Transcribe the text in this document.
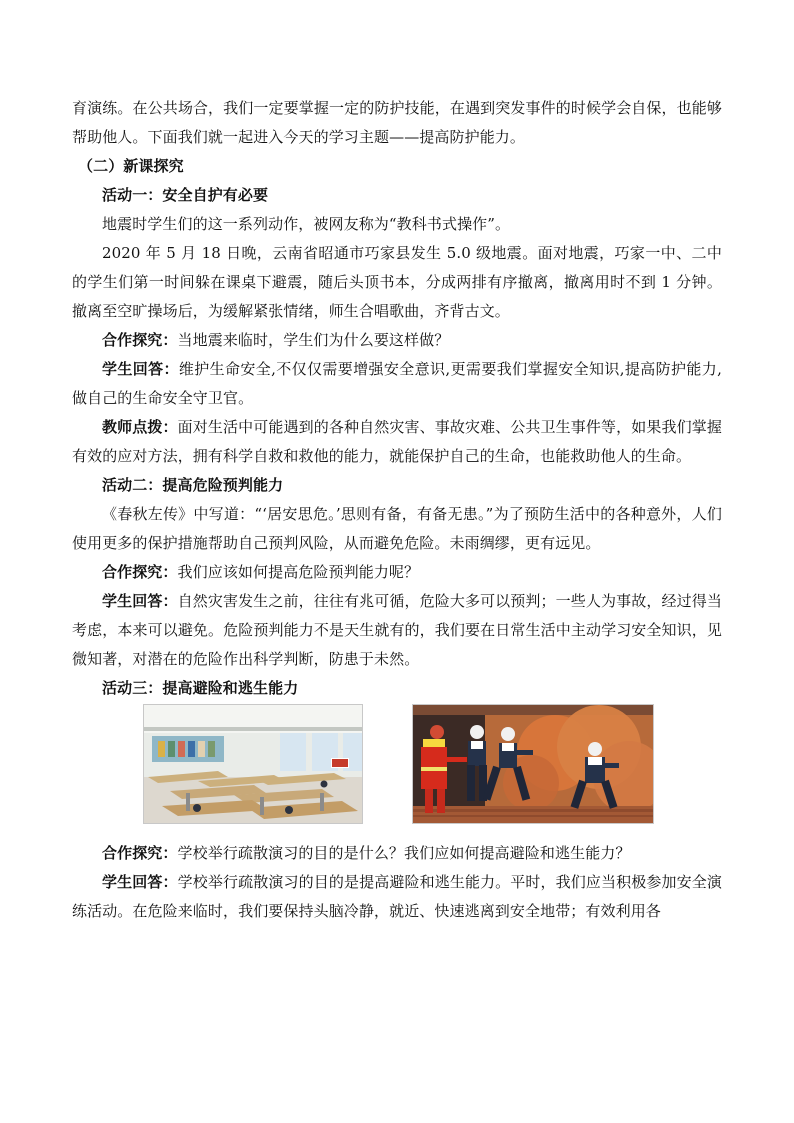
育演练。在公共场合，我们一定要掌握一定的防护技能，在遇到突发事件的时候学会自保，也能够帮助他人。下面我们就一起进入今天的学习主题——提高防护能力。

（二）新课探究

活动一：安全自护有必要

地震时学生们的这一系列动作，被网友称为“教科书式操作”。

2020 年 5 月 18 日晚，云南省昭通市巧家县发生 5.0 级地震。面对地震，巧家一中、二中的学生们第一时间躲在课桌下避震，随后头顶书本，分成两排有序撤离，撤离用时不到 1 分钟。撤离至空旷操场后，为缓解紧张情绪，师生合唱歌曲，齐背古文。

合作探究：当地震来临时，学生们为什么要这样做？

学生回答：维护生命安全,不仅仅需要增强安全意识,更需要我们掌握安全知识,提高防护能力,做自己的生命安全守卫官。

教师点拨：面对生活中可能遇到的各种自然灾害、事故灾难、公共卫生事件等，如果我们掌握有效的应对方法，拥有科学自救和救他的能力，就能保护自己的生命，也能救助他人的生命。

活动二：提高危险预判能力

《春秋左传》中写道：“‘居安思危。’思则有备，有备无患。”为了预防生活中的各种意外，人们使用更多的保护措施帮助自己预判风险，从而避免危险。未雨绸缪，更有远见。

合作探究：我们应该如何提高危险预判能力呢？

学生回答：自然灾害发生之前，往往有兆可循，危险大多可以预判；一些人为事故，经过得当考虑，本来可以避免。危险预判能力不是天生就有的，我们要在日常生活中主动学习安全知识，见微知著，对潜在的危险作出科学判断，防患于未然。

活动三：提高避险和逃生能力

合作探究：学校举行疏散演习的目的是什么？我们应如何提高避险和逃生能力？

学生回答：学校举行疏散演习的目的是提高避险和逃生能力。平时，我们应当积极参加安全演练活动。在危险来临时，我们要保持头脑冷静，就近、快速逃离到安全地带；有效利用各
